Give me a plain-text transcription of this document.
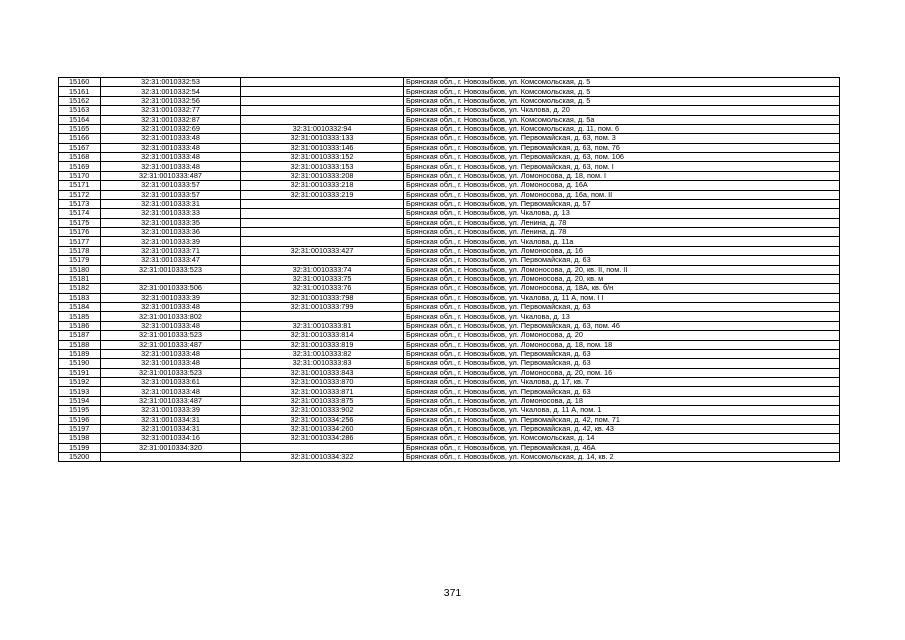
15160	32:31:0010332:53		Брянская обл., г. Новозыбков, ул. Комсомольская, д. 5
15161	32:31:0010332:54		Брянская обл., г. Новозыбков, ул. Комсомольская, д. 5
15162	32:31:0010332:56		Брянская обл., г. Новозыбков, ул. Комсомольская, д. 5
15163	32:31:0010332:77		Брянская обл., г. Новозыбков, ул. Чкалова, д. 20
15164	32:31:0010332:87		Брянская обл., г. Новозыбков, ул. Комсомольская, д. 5а
15165	32:31:0010332:69	32:31:0010332:94	Брянская обл., г. Новозыбков, ул. Комсомольская, д. 11, пом. 6
15166	32:31:0010333:48	32:31:0010333:133	Брянская обл., г. Новозыбков, ул. Первомайская, д. 63, пом. 3
15167	32:31:0010333:48	32:31:0010333:146	Брянская обл., г. Новозыбков, ул. Первомайская, д. 63, пом. 76
15168	32:31:0010333:48	32:31:0010333:152	Брянская обл., г. Новозыбков, ул. Первомайская, д. 63, пом. 106
15169	32:31:0010333:48	32:31:0010333:153	Брянская обл., г. Новозыбков, ул. Первомайская, д. 63, пом. I
15170	32:31:0010333:487	32:31:0010333:208	Брянская обл., г. Новозыбков, ул. Ломоносова, д. 18, пом. I
15171	32:31:0010333:57	32:31:0010333:218	Брянская обл., г. Новозыбков, ул. Ломоносова, д. 16А
15172	32:31:0010333:57	32:31:0010333:219	Брянская обл., г. Новозыбков, ул. Ломоносова, д. 16а, пом. II
15173	32:31:0010333:31		Брянская обл., г. Новозыбков, ул. Первомайская, д. 57
15174	32:31:0010333:33		Брянская обл., г. Новозыбков, ул. Чкалова, д. 13
15175	32:31:0010333:35		Брянская обл., г. Новозыбков, ул. Ленина, д. 78
15176	32:31:0010333:36		Брянская обл., г. Новозыбков, ул. Ленина, д. 78
15177	32:31:0010333:39		Брянская обл., г. Новозыбков, ул. Чкалова, д. 11а
15178	32:31:0010333:71	32:31:0010333:427	Брянская обл., г. Новозыбков, ул. Ломоносова, д. 16
15179	32:31:0010333:47		Брянская обл., г. Новозыбков, ул. Первомайская, д. 63
15180	32:31:0010333:523	32:31:0010333:74	Брянская обл., г. Новозыбков, ул. Ломоносова, д. 20, кв. II, пом. II
15181		32:31:0010333:75	Брянская обл., г. Новозыбков, ул. Ломоносова, д. 20, кв. м
15182	32:31:0010333:506	32:31:0010333:76	Брянская обл., г. Новозыбков, ул. Ломоносова, д. 18А, кв. б/н
15183	32:31:0010333:39	32:31:0010333:798	Брянская обл., г. Новозыбков, ул. Чкалова, д. 11 А, пом. I I
15184	32:31:0010333:48	32:31:0010333:799	Брянская обл., г. Новозыбков, ул. Первомайская, д. 63
15185	32:31:0010333:802		Брянская обл., г. Новозыбков, ул. Чкалова, д. 13
15186	32:31:0010333:48	32:31:0010333:81	Брянская обл., г. Новозыбков, ул. Первомайская, д. 63, пом. 46
15187	32:31:0010333:523	32:31:0010333:814	Брянская обл., г. Новозыбков, ул. Ломоносова, д. 20
15188	32:31:0010333:487	32:31:0010333:819	Брянская обл., г. Новозыбков, ул. Ломоносова, д. 18, пом. 18
15189	32:31:0010333:48	32:31:0010333:82	Брянская обл., г. Новозыбков, ул. Первомайская, д. 63
15190	32:31:0010333:48	32:31:0010333:83	Брянская обл., г. Новозыбков, ул. Первомайская, д. 63
15191	32:31:0010333:523	32:31:0010333:843	Брянская обл., г. Новозыбков, ул. Ломоносова, д. 20, пом. 16
15192	32:31:0010333:61	32:31:0010333:870	Брянская обл., г. Новозыбков, ул. Чкалова, д. 17, кв. 7
15193	32:31:0010333:48	32:31:0010333:871	Брянская обл., г. Новозыбков, ул. Первомайская, д. 63
15194	32:31:0010333:487	32:31:0010333:875	Брянская обл., г. Новозыбков, ул. Ломоносова, д. 18
15195	32:31:0010333:39	32:31:0010333:902	Брянская обл., г. Новозыбков, ул. Чкалова, д. 11 А, пом. 1
15196	32:31:0010334:31	32:31:0010334:256	Брянская обл., г. Новозыбков, ул. Первомайская, д. 42, пом. 71
15197	32:31:0010334:31	32:31:0010334:260	Брянская обл., г. Новозыбков, ул. Первомайская, д. 42, кв. 43
15198	32:31:0010334:16	32:31:0010334:286	Брянская обл., г. Новозыбков, ул. Комсомольская, д. 14
15199	32:31:0010334:320		Брянская обл., г. Новозыбков, ул. Первомайская, д. 46А
15200		32:31:0010334:322	Брянская обл., г. Новозыбков, ул. Комсомольская, д. 14, кв. 2
371
